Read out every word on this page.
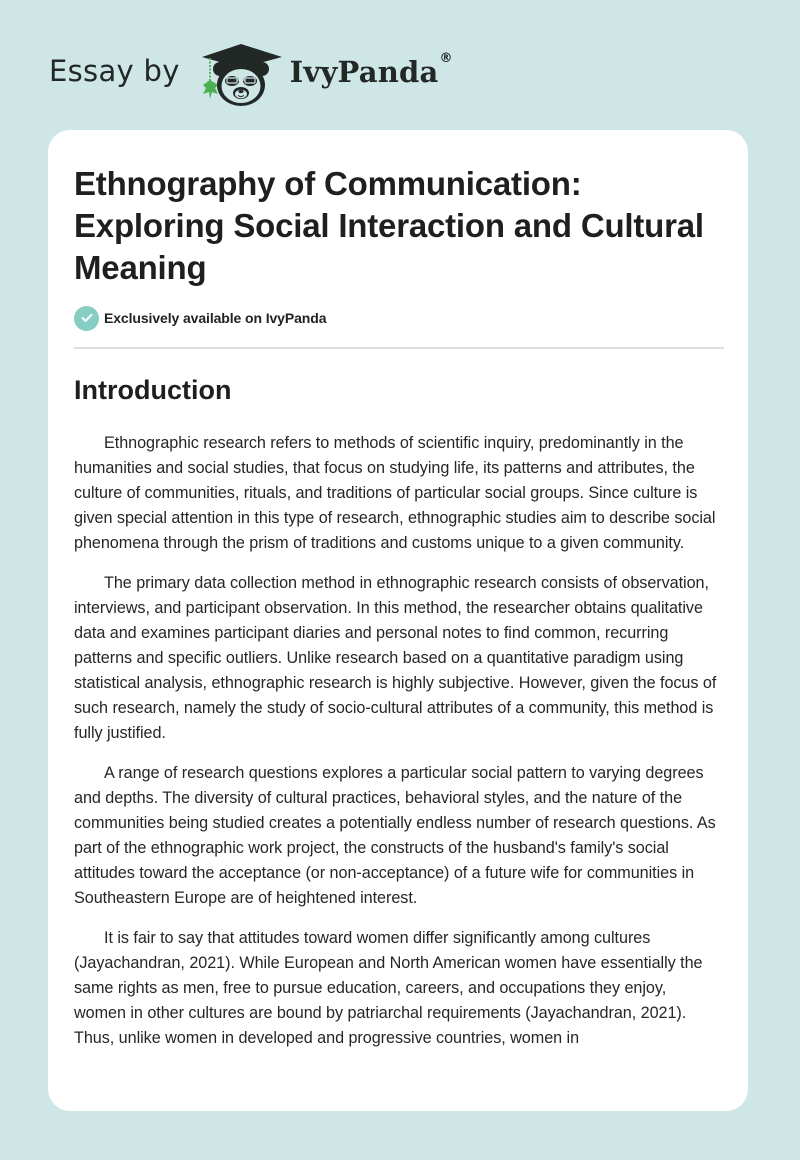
Essay by	IvyPanda®
Ethnography of Communication: Exploring Social Interaction and Cultural Meaning
Exclusively available on IvyPanda
Introduction

Ethnographic research refers to methods of scientific inquiry, predominantly in the humanities and social studies, that focus on studying life, its patterns and attributes, the culture of communities, rituals, and traditions of particular social groups. Since culture is given special attention in this type of research, ethnographic studies aim to describe social phenomena through the prism of traditions and customs unique to a given community.

The primary data collection method in ethnographic research consists of observation, interviews, and participant observation. In this method, the researcher obtains qualitative data and examines participant diaries and personal notes to find common, recurring patterns and specific outliers. Unlike research based on a quantitative paradigm using statistical analysis, ethnographic research is highly subjective. However, given the focus of such research, namely the study of socio-cultural attributes of a community, this method is fully justified.

A range of research questions explores a particular social pattern to varying degrees and depths. The diversity of cultural practices, behavioral styles, and the nature of the communities being studied creates a potentially endless number of research questions. As part of the ethnographic work project, the constructs of the husband's family's social attitudes toward the acceptance (or non-acceptance) of a future wife for communities in Southeastern Europe are of heightened interest.

It is fair to say that attitudes toward women differ significantly among cultures (Jayachandran, 2021). While European and North American women have essentially the same rights as men, free to pursue education, careers, and occupations they enjoy, women in other cultures are bound by patriarchal requirements (Jayachandran, 2021). Thus, unlike women in developed and progressive countries, women in
